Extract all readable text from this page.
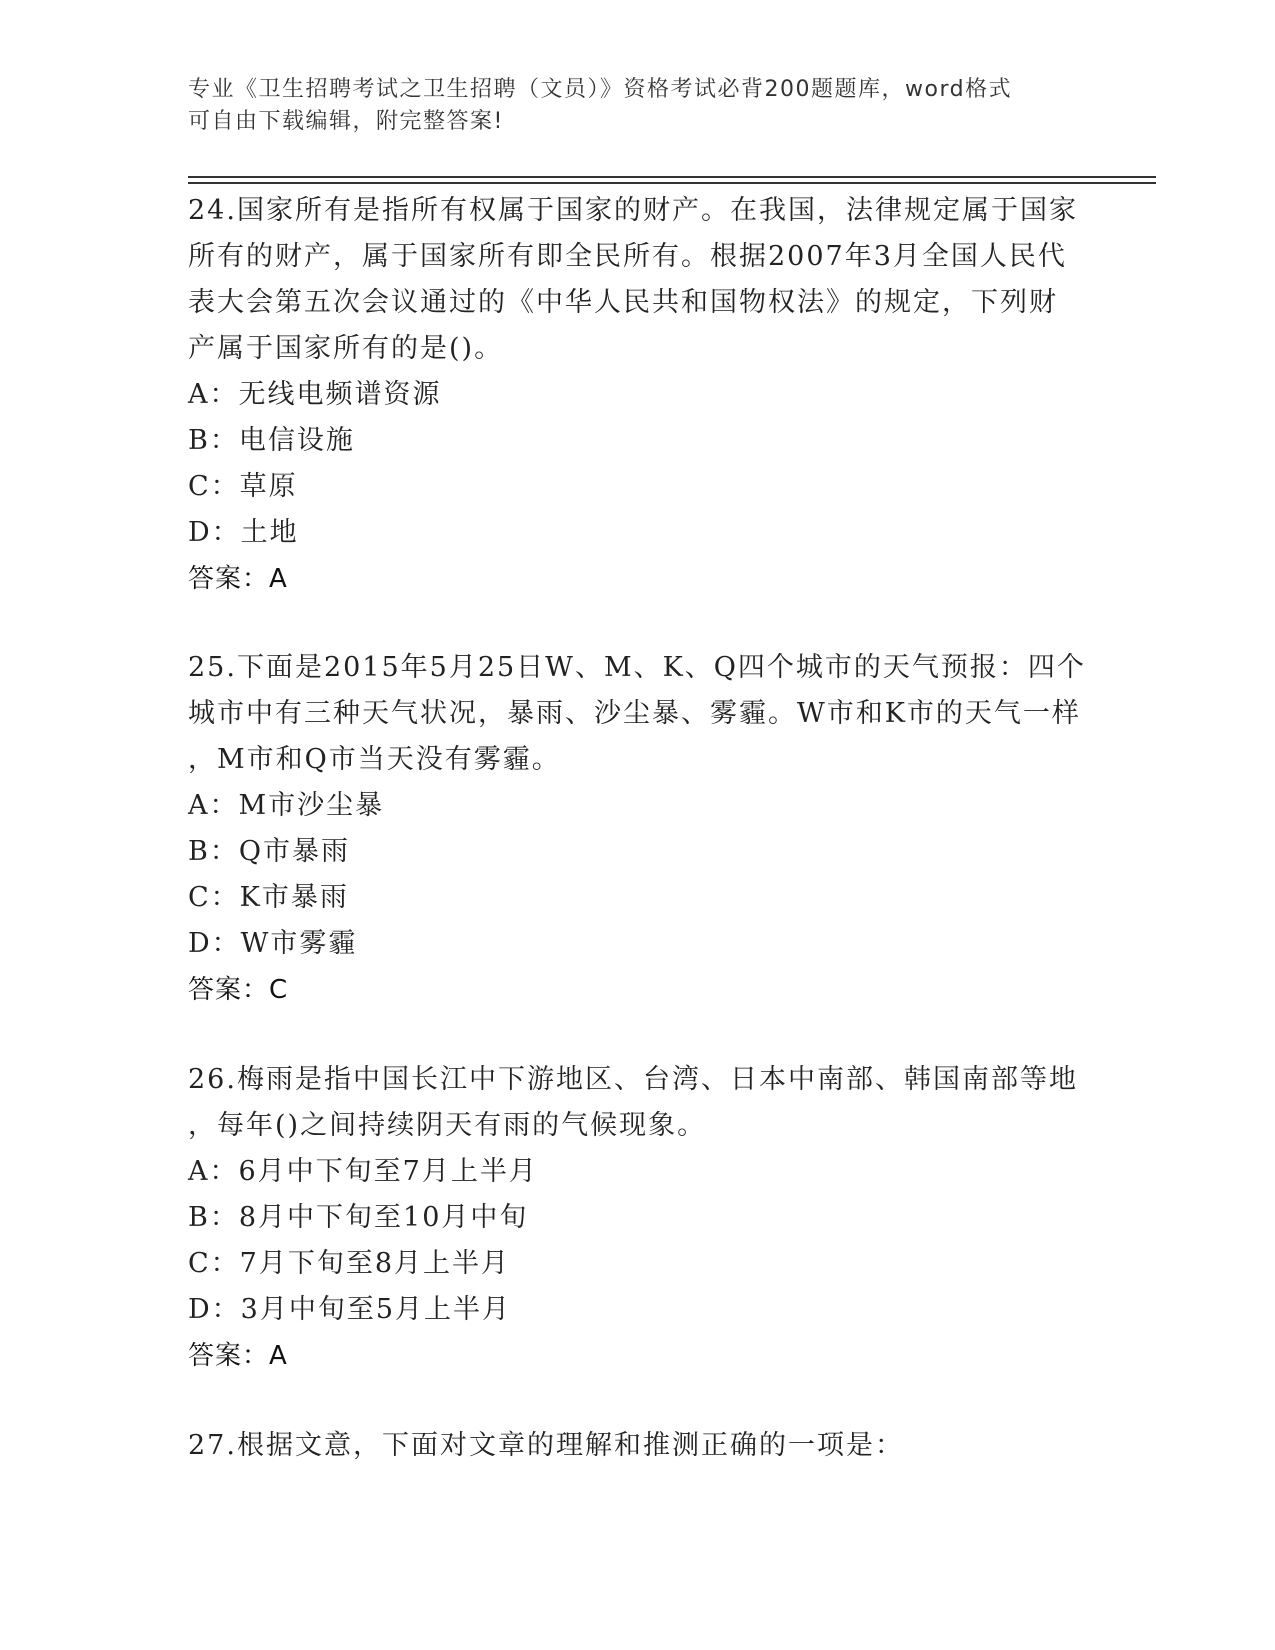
专业《卫生招聘考试之卫生招聘（文员）》资格考试必背200题题库，word格式
可自由下载编辑，附完整答案!
24.国家所有是指所有权属于国家的财产。在我国，法律规定属于国家
所有的财产，属于国家所有即全民所有。根据2007年3月全国人民代
表大会第五次会议通过的《中华人民共和国物权法》的规定，下列财
产属于国家所有的是()。
A：无线电频谱资源
B：电信设施
C：草原
D：土地
答案：A
25.下面是2015年5月25日W、M、K、Q四个城市的天气预报：四个
城市中有三种天气状况，暴雨、沙尘暴、雾霾。W市和K市的天气一样
，M市和Q市当天没有雾霾。
A：M市沙尘暴
B：Q市暴雨
C：K市暴雨
D：W市雾霾
答案：C
26.梅雨是指中国长江中下游地区、台湾、日本中南部、韩国南部等地
，每年()之间持续阴天有雨的气候现象。
A：6月中下旬至7月上半月
B：8月中下旬至10月中旬
C：7月下旬至8月上半月
D：3月中旬至5月上半月
答案：A
27.根据文意，下面对文章的理解和推测正确的一项是：
